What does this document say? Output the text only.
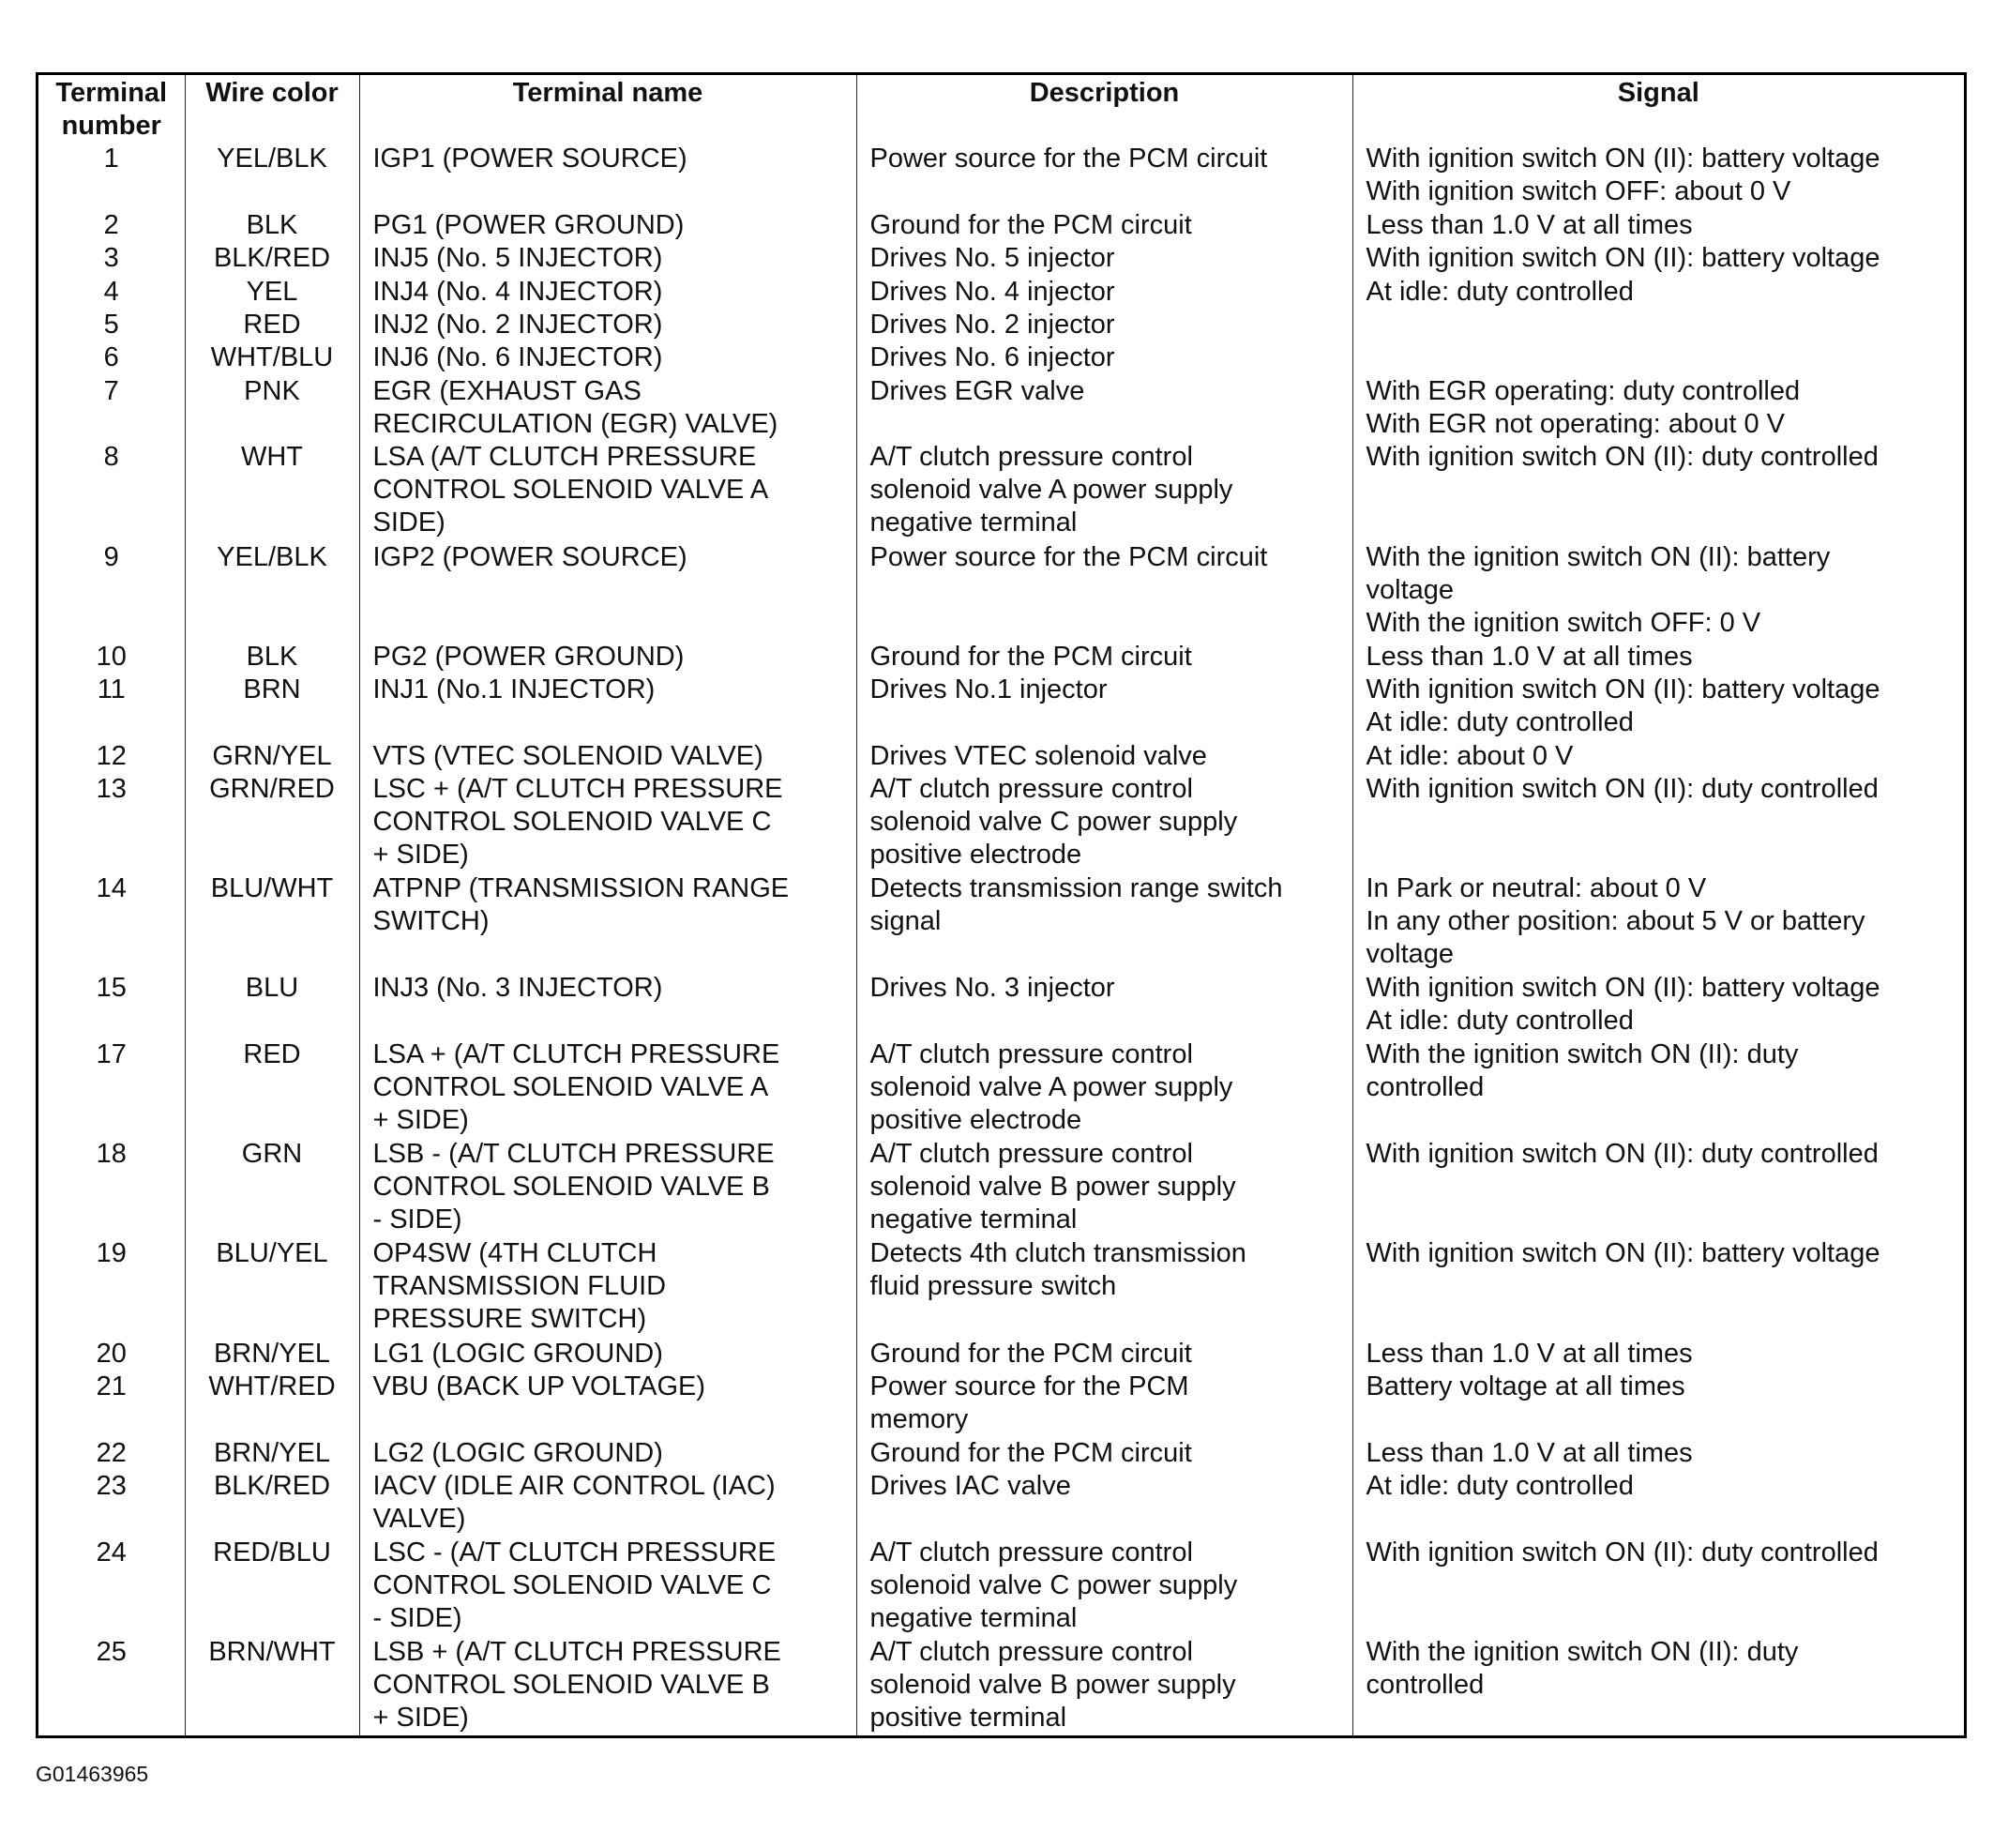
Terminal
number	Wire color	Terminal name	Description	Signal
1	YEL/BLK	IGP1 (POWER SOURCE)	Power source for the PCM circuit	With ignition switch ON (II): battery voltage
With ignition switch OFF: about 0 V
2	BLK	PG1 (POWER GROUND)	Ground for the PCM circuit	Less than 1.0 V at all times
3	BLK/RED	INJ5 (No. 5 INJECTOR)	Drives No. 5 injector	With ignition switch ON (II): battery voltage
4	YEL	INJ4 (No. 4 INJECTOR)	Drives No. 4 injector	At idle: duty controlled
5	RED	INJ2 (No. 2 INJECTOR)	Drives No. 2 injector	
6	WHT/BLU	INJ6 (No. 6 INJECTOR)	Drives No. 6 injector	
7	PNK	EGR (EXHAUST GAS
RECIRCULATION (EGR) VALVE)	Drives EGR valve	With EGR operating: duty controlled
With EGR not operating: about 0 V
8	WHT	LSA (A/T CLUTCH PRESSURE
CONTROL SOLENOID VALVE A
SIDE)	A/T clutch pressure control
solenoid valve A power supply
negative terminal	With ignition switch ON (II): duty controlled
9	YEL/BLK	IGP2 (POWER SOURCE)	Power source for the PCM circuit	With the ignition switch ON (II): battery
voltage
With the ignition switch OFF: 0 V
10	BLK	PG2 (POWER GROUND)	Ground for the PCM circuit	Less than 1.0 V at all times
11	BRN	INJ1 (No.1 INJECTOR)	Drives No.1 injector	With ignition switch ON (II): battery voltage
At idle: duty controlled
12	GRN/YEL	VTS (VTEC SOLENOID VALVE)	Drives VTEC solenoid valve	At idle: about 0 V
13	GRN/RED	LSC + (A/T CLUTCH PRESSURE
CONTROL SOLENOID VALVE C
+ SIDE)	A/T clutch pressure control
solenoid valve C power supply
positive electrode	With ignition switch ON (II): duty controlled
14	BLU/WHT	ATPNP (TRANSMISSION RANGE
SWITCH)	Detects transmission range switch
signal	In Park or neutral: about 0 V
In any other position: about 5 V or battery
voltage
15	BLU	INJ3 (No. 3 INJECTOR)	Drives No. 3 injector	With ignition switch ON (II): battery voltage
At idle: duty controlled
17	RED	LSA + (A/T CLUTCH PRESSURE
CONTROL SOLENOID VALVE A
+ SIDE)	A/T clutch pressure control
solenoid valve A power supply
positive electrode	With the ignition switch ON (II): duty
controlled
18	GRN	LSB - (A/T CLUTCH PRESSURE
CONTROL SOLENOID VALVE B
- SIDE)	A/T clutch pressure control
solenoid valve B power supply
negative terminal	With ignition switch ON (II): duty controlled
19	BLU/YEL	OP4SW (4TH CLUTCH
TRANSMISSION FLUID
PRESSURE SWITCH)	Detects 4th clutch transmission
fluid pressure switch	With ignition switch ON (II): battery voltage
20	BRN/YEL	LG1 (LOGIC GROUND)	Ground for the PCM circuit	Less than 1.0 V at all times
21	WHT/RED	VBU (BACK UP VOLTAGE)	Power source for the PCM
memory	Battery voltage at all times
22	BRN/YEL	LG2 (LOGIC GROUND)	Ground for the PCM circuit	Less than 1.0 V at all times
23	BLK/RED	IACV (IDLE AIR CONTROL (IAC)
VALVE)	Drives IAC valve	At idle: duty controlled
24	RED/BLU	LSC - (A/T CLUTCH PRESSURE
CONTROL SOLENOID VALVE C
- SIDE)	A/T clutch pressure control
solenoid valve C power supply
negative terminal	With ignition switch ON (II): duty controlled
25	BRN/WHT	LSB + (A/T CLUTCH PRESSURE
CONTROL SOLENOID VALVE B
+ SIDE)	A/T clutch pressure control
solenoid valve B power supply
positive terminal	With the ignition switch ON (II): duty
controlled
G01463965
